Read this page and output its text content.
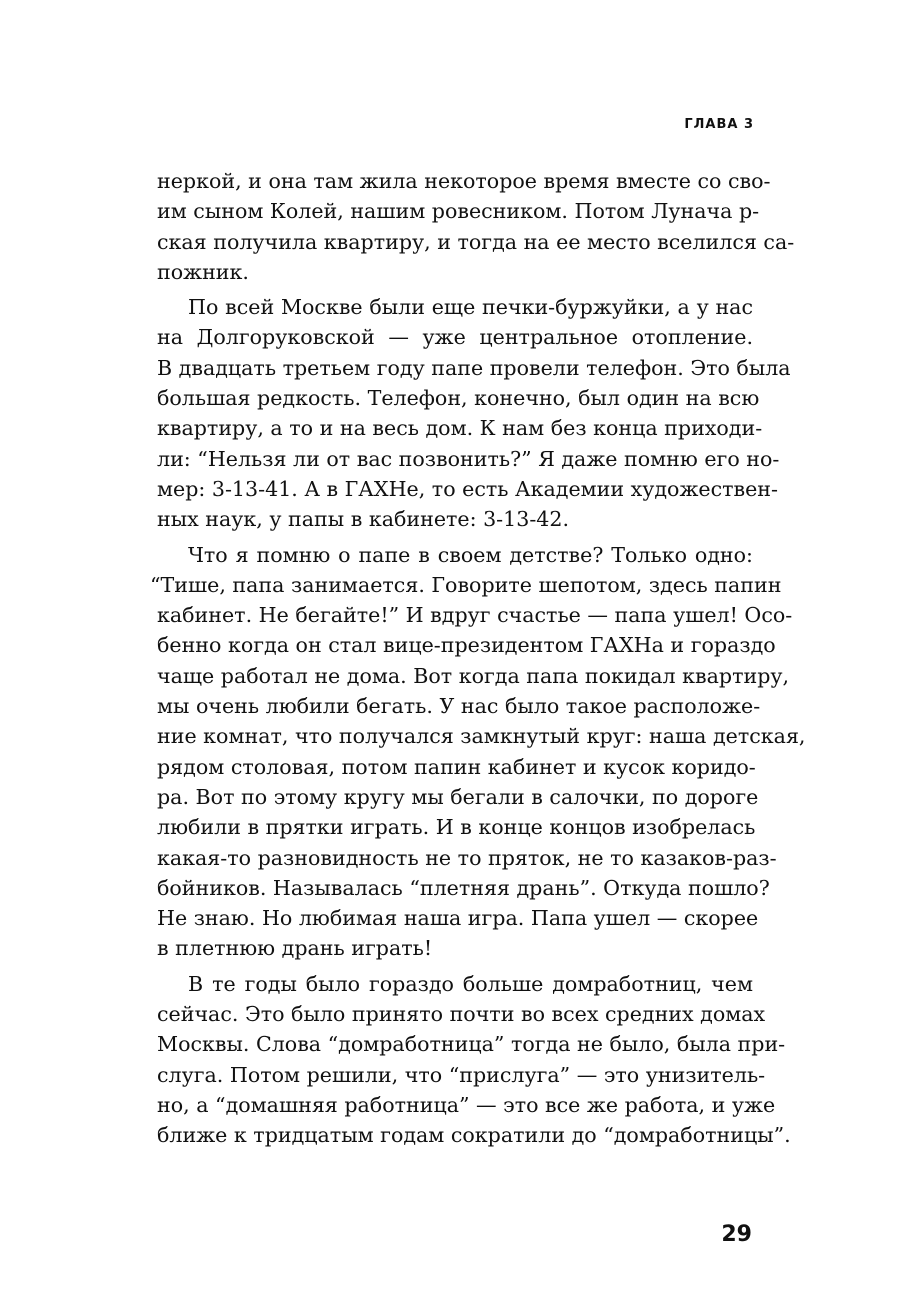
ГЛАВА 3
неркой, и она там жила некоторое время вместе со сво-
им сыном Колей, нашим ровесником. Потом Лунача р-
ская получила квартиру, и тогда на ее место вселился са-
пожник.
По всей Москве были еще печки-буржуйки, а у нас
на Долгоруковской — уже центральное отопление.
В двадцать третьем году папе провели телефон. Это была
большая редкость. Телефон, конечно, был один на всю
квартиру, а то и на весь дом. К нам без конца приходи-
ли: “Нельзя ли от вас позвонить?” Я даже помню его но-
мер: 3-13-41. А в ГАХНе, то есть Академии художествен-
ных наук, у папы в кабинете: 3-13-42.
Что я помню о папе в своем детстве? Только одно:
“Тише, папа занимается. Говорите шепотом, здесь папин
кабинет. Не бегайте!” И вдруг счастье — папа ушел! Осо-
бенно когда он стал вице-президентом ГАХНа и гораздо
чаще работал не дома. Вот когда папа покидал квартиру,
мы очень любили бегать. У нас было такое расположе-
ние комнат, что получался замкнутый круг: наша детская,
рядом столовая, потом папин кабинет и кусок коридо-
ра. Вот по этому кругу мы бегали в салочки, по дороге
любили в прятки играть. И в конце концов изобрелась
какая-то разновидность не то пряток, не то казаков-раз-
бойников. Называлась “плетняя дрань”. Откуда пошло?
Не знаю. Но любимая наша игра. Папа ушел — скорее
в плетнюю дрань играть!
В те годы было гораздо больше домработниц, чем
сейчас. Это было принято почти во всех средних домах
Москвы. Слова “домработница” тогда не было, была при-
слуга. Потом решили, что “прислуга” — это унизитель-
но, а “домашняя работница” — это все же работа, и уже
ближе к тридцатым годам сократили до “домработницы”.
29
